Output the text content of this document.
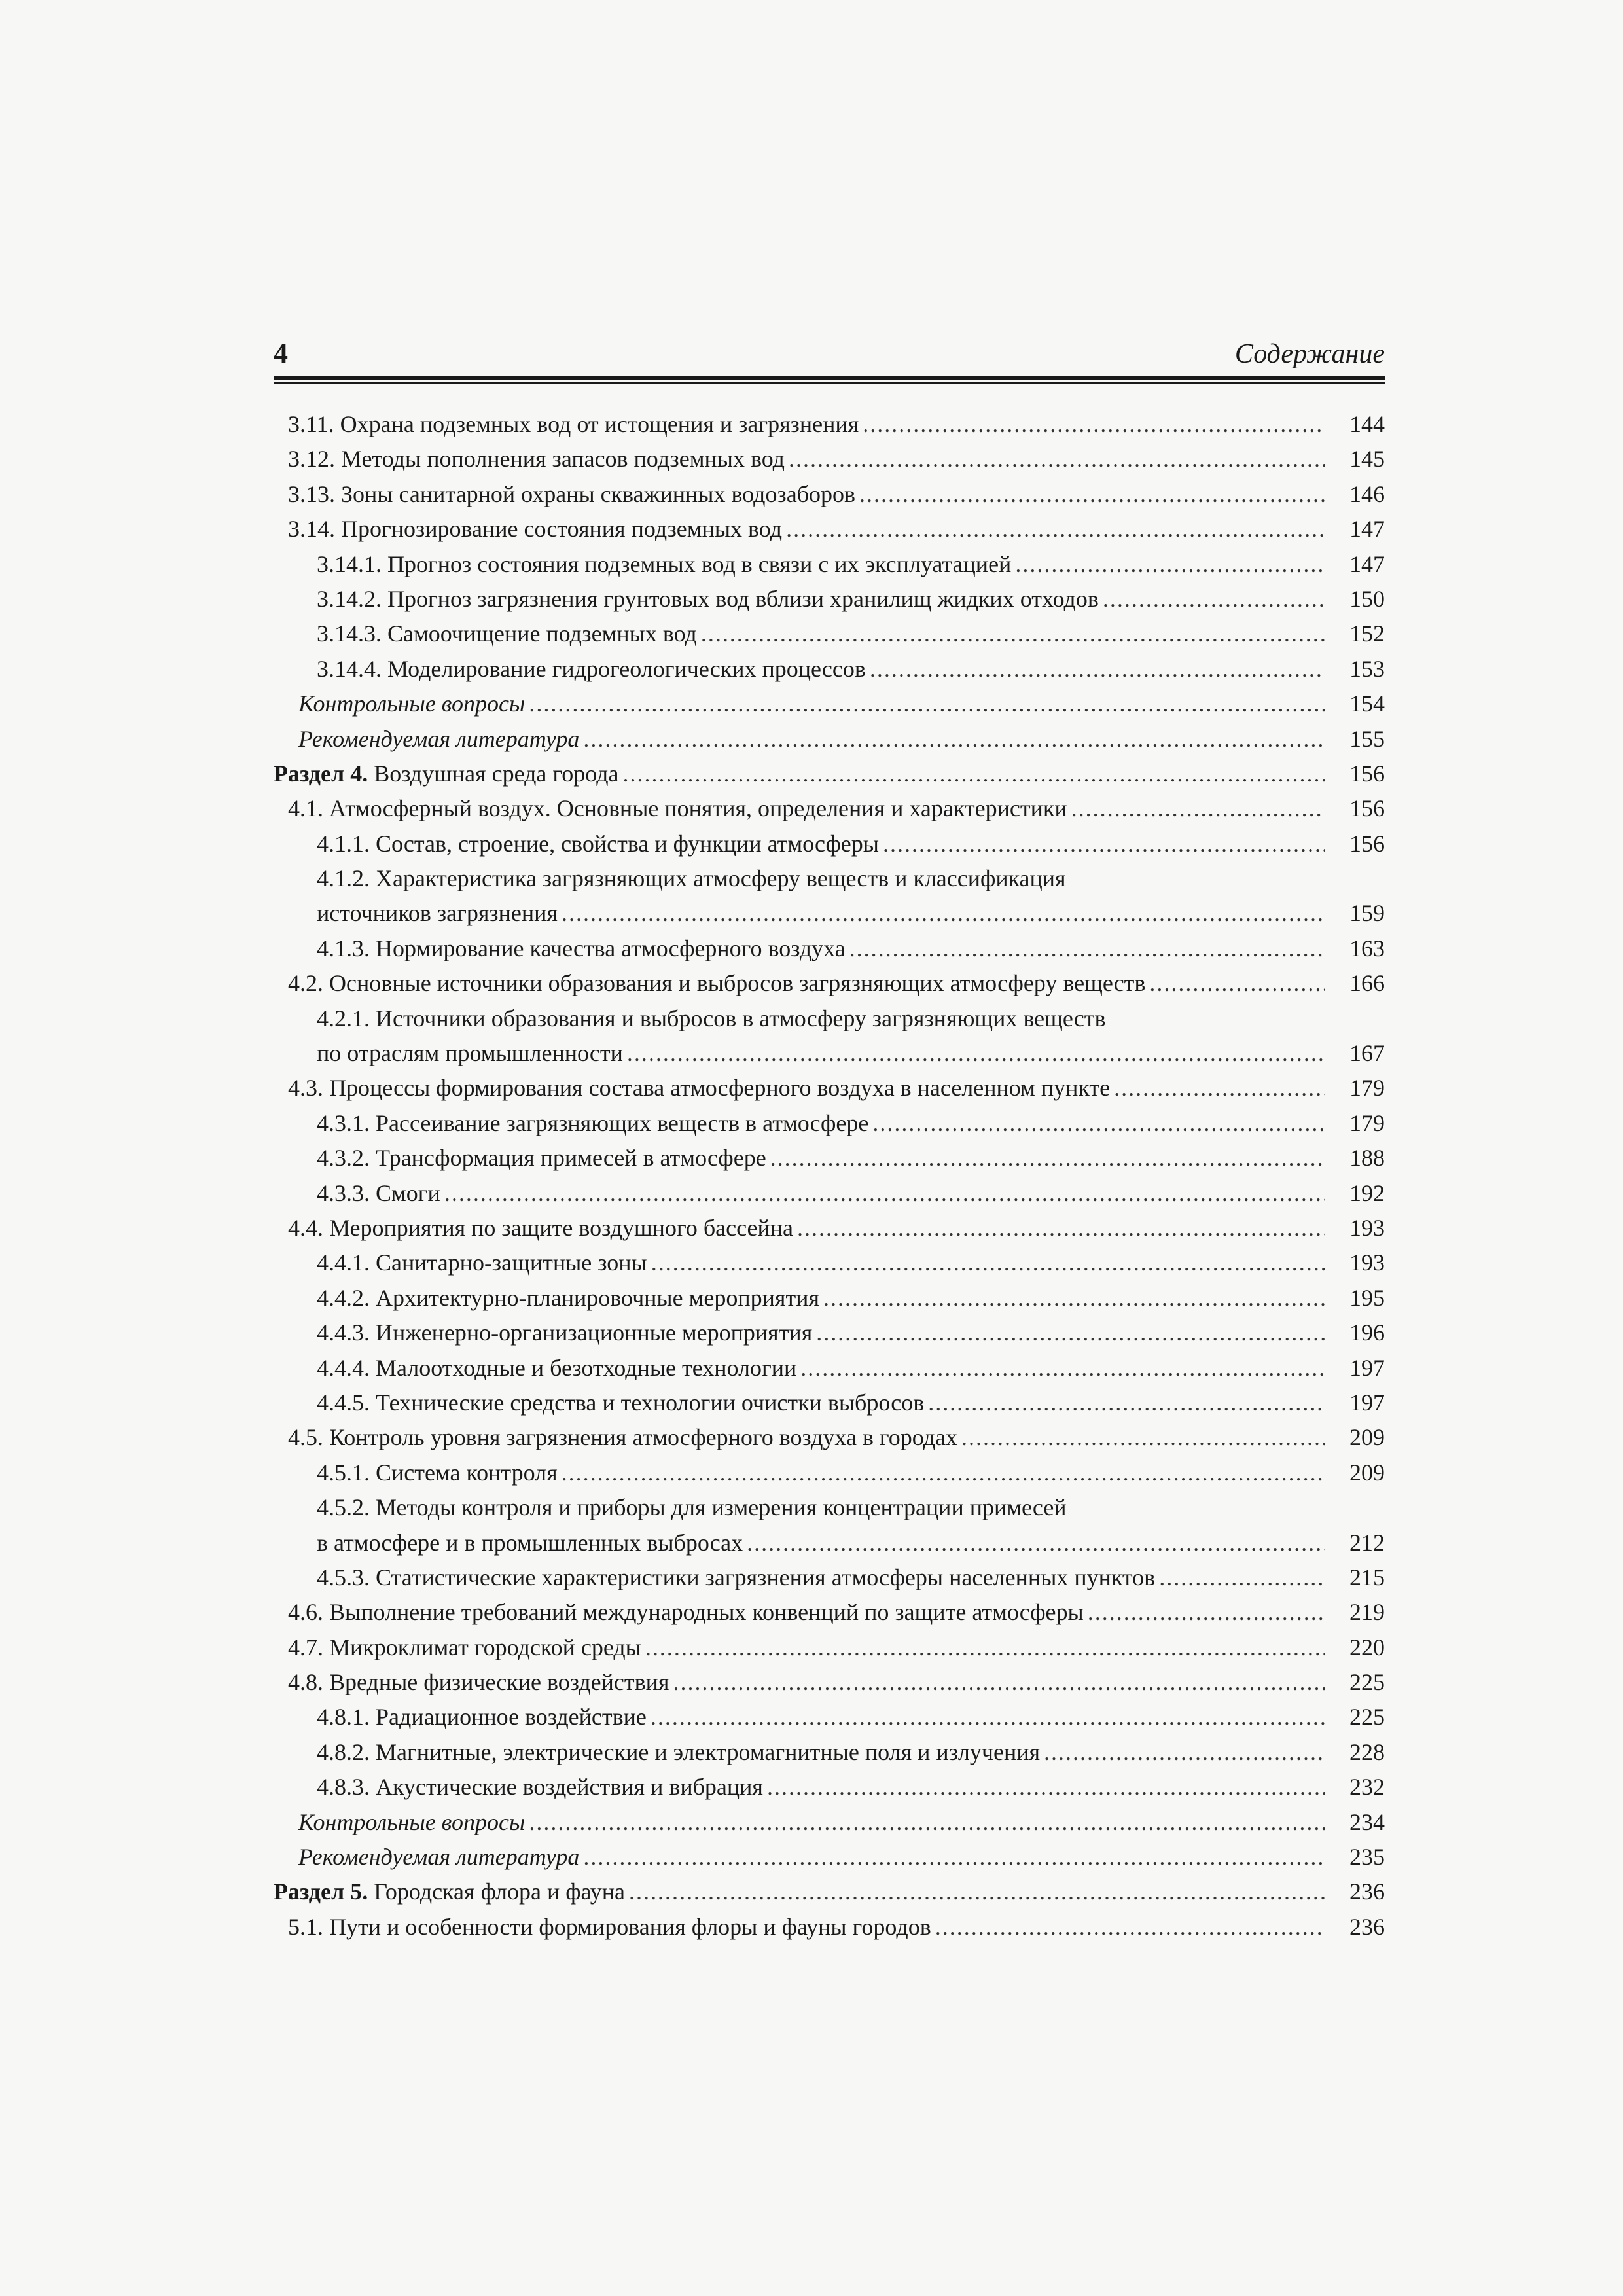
4	Содержание
3.11. Охрана подземных вод от истощения и загрязнения .....	144
3.12. Методы пополнения запасов подземных вод .....	145
3.13. Зоны санитарной охраны скважинных водозаборов .....	146
3.14. Прогнозирование состояния подземных вод .....	147
3.14.1. Прогноз состояния подземных вод в связи с их эксплуатацией .....	147
3.14.2. Прогноз загрязнения грунтовых вод вблизи хранилищ жидких отходов .....	150
3.14.3. Самоочищение подземных вод .....	152
3.14.4. Моделирование гидрогеологических процессов .....	153
Контрольные вопросы .....	154
Рекомендуемая литература .....	155
Раздел 4. Воздушная среда города .....	156
4.1. Атмосферный воздух. Основные понятия, определения и характеристики .....	156
4.1.1. Состав, строение, свойства и функции атмосферы .....	156
4.1.2. Характеристика загрязняющих атмосферу веществ и классификация
источников загрязнения .....	159
4.1.3. Нормирование качества атмосферного воздуха .....	163
4.2. Основные источники образования и выбросов загрязняющих атмосферу веществ .....	166
4.2.1. Источники образования и выбросов в атмосферу загрязняющих веществ
по отраслям промышленности .....	167
4.3. Процессы формирования состава атмосферного воздуха в населенном пункте .....	179
4.3.1. Рассеивание загрязняющих веществ в атмосфере .....	179
4.3.2. Трансформация примесей в атмосфере .....	188
4.3.3. Смоги .....	192
4.4. Мероприятия по защите воздушного бассейна .....	193
4.4.1. Санитарно-защитные зоны .....	193
4.4.2. Архитектурно-планировочные мероприятия .....	195
4.4.3. Инженерно-организационные мероприятия .....	196
4.4.4. Малоотходные и безотходные технологии .....	197
4.4.5. Технические средства и технологии очистки выбросов .....	197
4.5. Контроль уровня загрязнения атмосферного воздуха в городах .....	209
4.5.1. Система контроля .....	209
4.5.2. Методы контроля и приборы для измерения концентрации примесей
в атмосфере и в промышленных выбросах .....	212
4.5.3. Статистические характеристики загрязнения атмосферы населенных пунктов .....	215
4.6. Выполнение требований международных конвенций по защите атмосферы .....	219
4.7. Микроклимат городской среды .....	220
4.8. Вредные физические воздействия .....	225
4.8.1. Радиационное воздействие .....	225
4.8.2. Магнитные, электрические и электромагнитные поля и излучения .....	228
4.8.3. Акустические воздействия и вибрация .....	232
Контрольные вопросы .....	234
Рекомендуемая литература .....	235
Раздел 5. Городская флора и фауна .....	236
5.1. Пути и особенности формирования флоры и фауны городов .....	236
